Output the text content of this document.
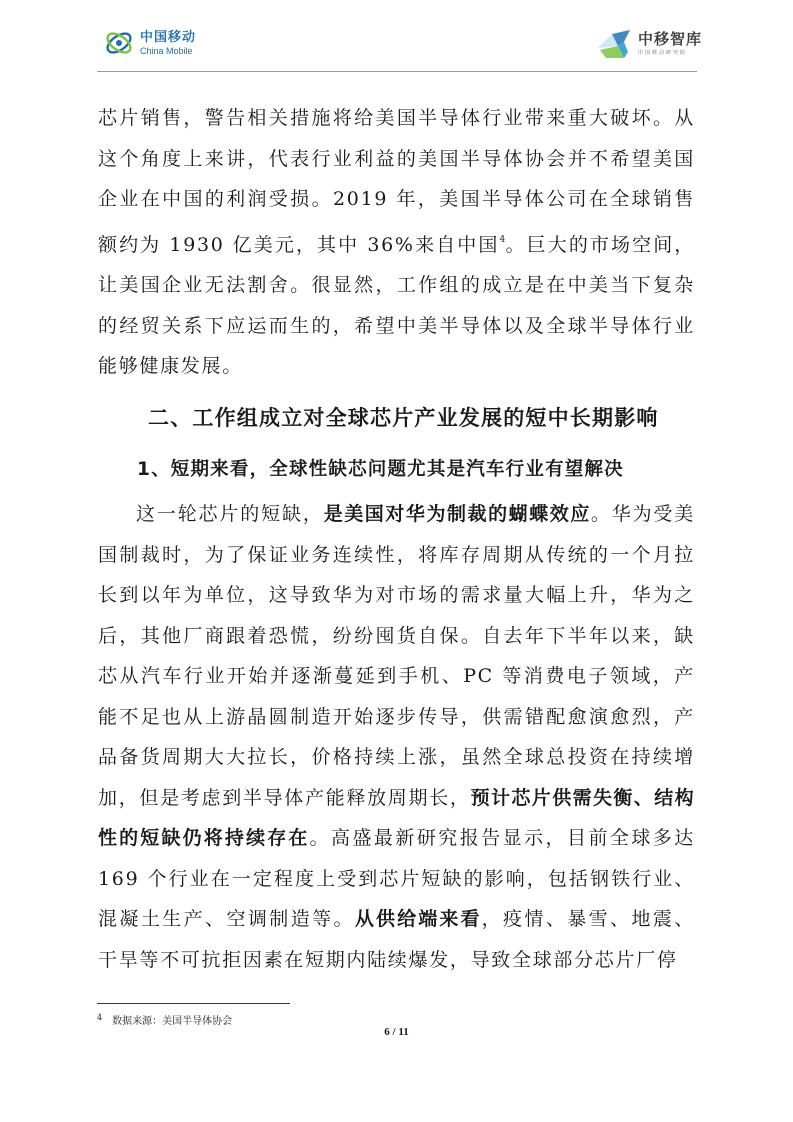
中国移动
China Mobile
中移智库
中国移动研究院

芯片销售，警告相关措施将给美国半导体行业带来重大破坏。从这个角度上来讲，代表行业利益的美国半导体协会并不希望美国企业在中国的利润受损。2019 年，美国半导体公司在全球销售额约为 1930 亿美元，其中 36%来自中国$^4$。巨大的市场空间，让美国企业无法割舍。很显然，工作组的成立是在中美当下复杂的经贸关系下应运而生的，希望中美半导体以及全球半导体行业能够健康发展。

二、工作组成立对全球芯片产业发展的短中长期影响
1、短期来看，全球性缺芯问题尤其是汽车行业有望解决

这一轮芯片的短缺，是美国对华为制裁的蝴蝶效应。华为受美国制裁时，为了保证业务连续性，将库存周期从传统的一个月拉长到以年为单位，这导致华为对市场的需求量大幅上升，华为之后，其他厂商跟着恐慌，纷纷囤货自保。自去年下半年以来，缺芯从汽车行业开始并逐渐蔓延到手机、PC 等消费电子领域，产能不足也从上游晶圆制造开始逐步传导，供需错配愈演愈烈，产品备货周期大大拉长，价格持续上涨，虽然全球总投资在持续增加，但是考虑到半导体产能释放周期长，预计芯片供需失衡、结构性的短缺仍将持续存在。高盛最新研究报告显示，目前全球多达 169 个行业在一定程度上受到芯片短缺的影响，包括钢铁行业、混凝土生产、空调制造等。从供给端来看，疫情、暴雪、地震、干旱等不可抗拒因素在短期内陆续爆发，导致全球部分芯片厂停

$^4$ 数据来源：美国半导体协会
6 / 11
